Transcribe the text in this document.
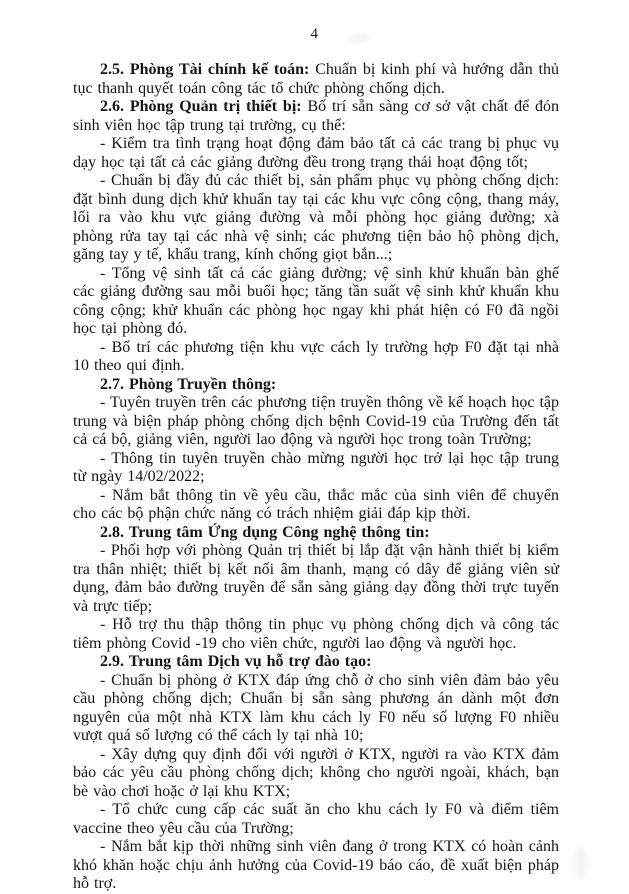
4

2.5. Phòng Tài chính kế toán: Chuẩn bị kinh phí và hướng dẫn thủ tục thanh quyết toán công tác tổ chức phòng chống dịch.

2.6. Phòng Quản trị thiết bị: Bố trí sẵn sàng cơ sở vật chất để đón sinh viên học tập trung tại trường, cụ thể:

- Kiểm tra tình trạng hoạt động đảm bảo tất cả các trang bị phục vụ dạy học tại tất cả các giảng đường đều trong trạng thái hoạt động tốt;

- Chuẩn bị đầy đủ các thiết bị, sản phẩm phục vụ phòng chống dịch: đặt bình dung dịch khử khuẩn tay tại các khu vực công cộng, thang máy, lối ra vào khu vực giảng đường và mỗi phòng học giảng đường; xà phòng rửa tay tại các nhà vệ sinh; các phương tiện bảo hộ phòng dịch, găng tay y tế, khẩu trang, kính chống giọt bắn...;

- Tổng vệ sinh tất cả các giảng đường; vệ sinh khử khuẩn bàn ghế các giảng đường sau mỗi buổi học; tăng tần suất vệ sinh khử khuẩn khu công cộng; khử khuẩn các phòng học ngay khi phát hiện có F0 đã ngồi học tại phòng đó.

- Bố trí các phương tiện khu vực cách ly trường hợp F0 đặt tại nhà 10 theo qui định.

2.7. Phòng Truyền thông:

- Tuyên truyền trên các phương tiện truyền thông về kế hoạch học tập trung và biện pháp phòng chống dịch bệnh Covid-19 của Trường đến tất cả cá bộ, giảng viên, người lao động và người học trong toàn Trường;

- Thông tin tuyên truyền chào mừng người học trở lại học tập trung từ ngày 14/02/2022;

- Nắm bắt thông tin về yêu cầu, thắc mắc của sinh viên để chuyển cho các bộ phận chức năng có trách nhiệm giải đáp kịp thời.

2.8. Trung tâm Ứng dụng Công nghệ thông tin:

- Phối hợp với phòng Quản trị thiết bị lắp đặt vận hành thiết bị kiểm tra thân nhiệt; thiết bị kết nối âm thanh, mạng có dây để giảng viên sử dụng, đảm bảo đường truyền để sẵn sàng giảng dạy đồng thời trực tuyến và trực tiếp;

- Hỗ trợ thu thập thông tin phục vụ phòng chống dịch và công tác tiêm phòng Covid -19 cho viên chức, người lao động và người học.

2.9. Trung tâm Dịch vụ hỗ trợ đào tạo:

- Chuẩn bị phòng ở KTX đáp ứng chỗ ở cho sinh viên đảm bảo yêu cầu phòng chống dịch; Chuẩn bị sẵn sàng phương án dành một đơn nguyên của một nhà KTX làm khu cách ly F0 nếu số lượng F0 nhiều vượt quá số lượng có thể cách ly tại nhà 10;

- Xây dựng quy định đối với người ở KTX, người ra vào KTX đảm bảo các yêu cầu phòng chống dịch; không cho người ngoài, khách, bạn bè vào chơi hoặc ở lại khu KTX;

- Tổ chức cung cấp các suất ăn cho khu cách ly F0 và điểm tiêm vaccine theo yêu cầu của Trường;

- Nắm bắt kịp thời những sinh viên đang ở trong KTX có hoàn cảnh khó khăn hoặc chịu ảnh hưởng của Covid-19 báo cáo, đề xuất biện pháp hỗ trợ.
